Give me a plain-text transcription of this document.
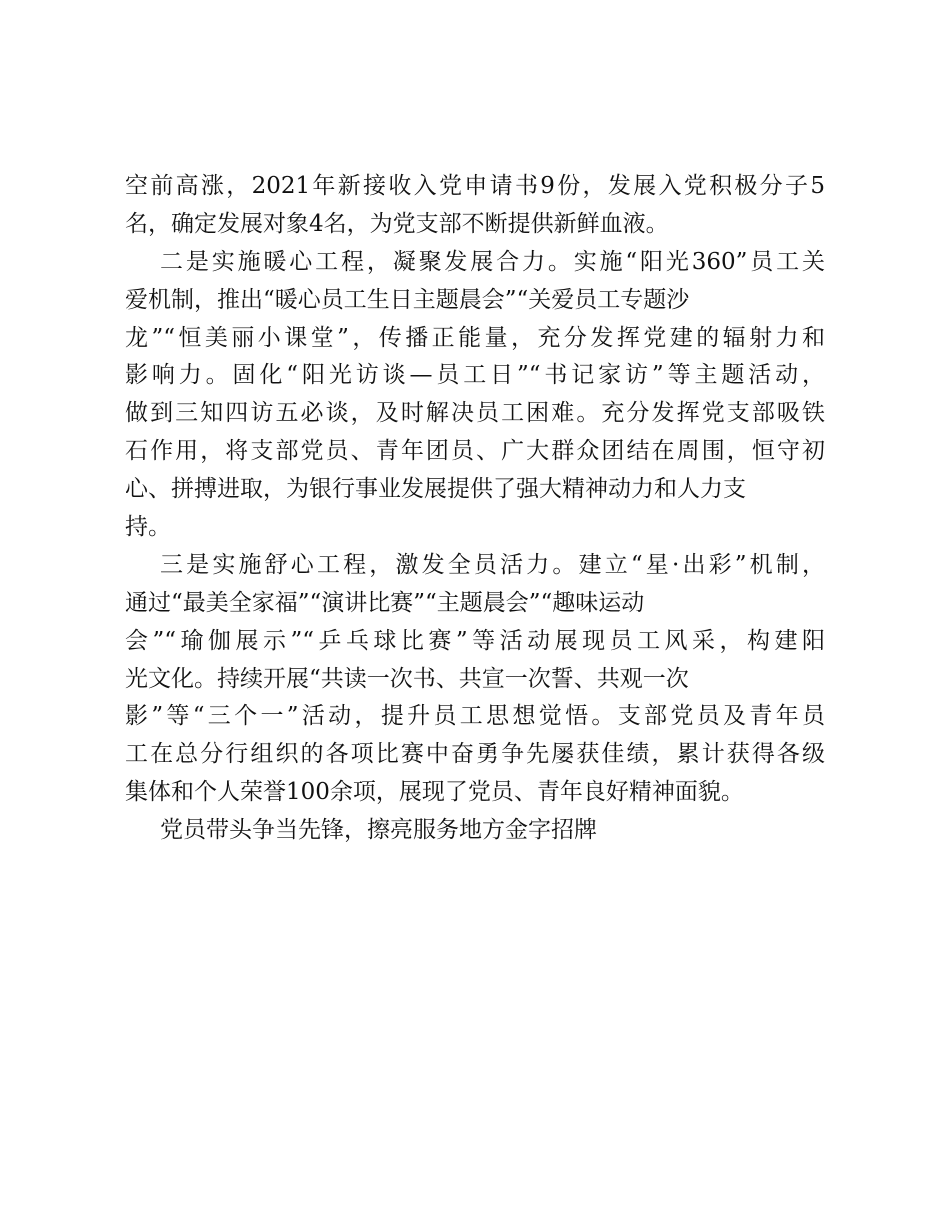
空前高涨，2021年新接收入党申请书9份，发展入党积极分子5
名，确定发展对象4名，为党支部不断提供新鲜血液。
二是实施暖心工程，凝聚发展合力。实施“阳光360”员工关
爱机制，推出“暖心员工生日主题晨会”“关爱员工专题沙
龙”“恒美丽小课堂”，传播正能量，充分发挥党建的辐射力和
影响力。固化“阳光访谈—员工日”“书记家访”等主题活动，
做到三知四访五必谈，及时解决员工困难。充分发挥党支部吸铁
石作用，将支部党员、青年团员、广大群众团结在周围，恒守初
心、拼搏进取，为银行事业发展提供了强大精神动力和人力支
持。
三是实施舒心工程，激发全员活力。建立“星·出彩”机制，
通过“最美全家福”“演讲比赛”“主题晨会”“趣味运动
会”“瑜伽展示”“乒乓球比赛”等活动展现员工风采，构建阳
光文化。持续开展“共读一次书、共宣一次誓、共观一次
影”等“三个一”活动，提升员工思想觉悟。支部党员及青年员
工在总分行组织的各项比赛中奋勇争先屡获佳绩，累计获得各级
集体和个人荣誉100余项，展现了党员、青年良好精神面貌。
党员带头争当先锋，擦亮服务地方金字招牌
